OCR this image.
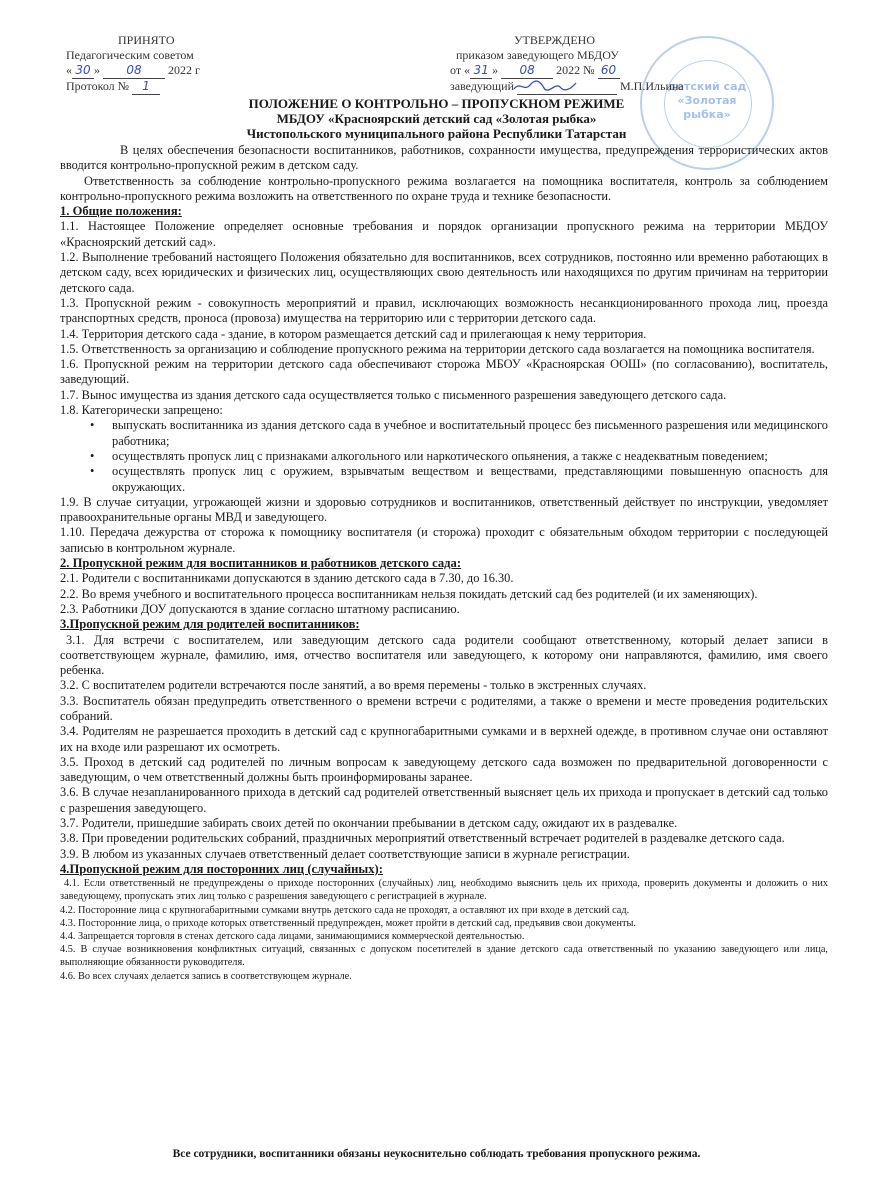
ПРИНЯТО
Педагогическим советом
« 30 » 08 2022 г
Протокол № 1	детский сад «Золотая рыбка»
УТВЕРЖДЕНО
приказом заведующего МБДОУ
от « 31 » 08 2022 № 60
заведующий	М.П.Ильина
ПОЛОЖЕНИЕ О КОНТРОЛЬНО – ПРОПУСКНОМ РЕЖИМЕ
МБДОУ «Красноярский детский сад «Золотая рыбка»
Чистопольского муниципального района Республики Татарстан

В целях обеспечения безопасности воспитанников, работников, сохранности имущества, предупреждения террористических актов вводится контрольно-пропускной режим в детском саду.

Ответственность за соблюдение контрольно-пропускного режима возлагается на помощника воспитателя, контроль за соблюдением контрольно-пропускного режима возложить на ответственного по охране труда и технике безопасности.

1. Общие положения:

1.1. Настоящее Положение определяет основные требования и порядок организации пропускного режима на территории МБДОУ «Красноярский детский сад».

1.2. Выполнение требований настоящего Положения обязательно для воспитанников, всех сотрудников, постоянно или временно работающих в детском саду, всех юридических и физических лиц, осуществляющих свою деятельность или находящихся по другим причинам на территории детского сада.

1.3. Пропускной режим - совокупность мероприятий и правил, исключающих возможность несанкционированного прохода лиц, проезда транспортных средств, проноса (провоза) имущества на территорию или с территории детского сада.

1.4. Территория детского сада - здание, в котором размещается детский сад и прилегающая к нему территория.

1.5. Ответственность за организацию и соблюдение пропускного режима на территории детского сада возлагается на помощника воспитателя.

1.6. Пропускной режим на территории детского сада обеспечивают сторожа МБОУ «Красноярская ООШ» (по согласованию), воспитатель, заведующий.

1.7. Вынос имущества из здания детского сада осуществляется только с письменного разрешения заведующего детского сада.

1.8. Категорически запрещено:

• выпускать воспитанника из здания детского сада в учебное и воспитательный процесс без письменного разрешения или медицинского работника;
• осуществлять пропуск лиц с признаками алкогольного или наркотического опьянения, а также с неадекватным поведением;
• осуществлять пропуск лиц с оружием, взрывчатым веществом и веществами, представляющими повышенную опасность для окружающих.

1.9. В случае ситуации, угрожающей жизни и здоровью сотрудников и воспитанников, ответственный действует по инструкции, уведомляет правоохранительные органы МВД и заведующего.

1.10. Передача дежурства от сторожа к помощнику воспитателя (и сторожа) проходит с обязательным обходом территории с последующей записью в контрольном журнале.

2. Пропускной режим для воспитанников и работников детского сада:

2.1. Родители с воспитанниками допускаются в зданию детского сада в 7.30, до 16.30.

2.2. Во время учебного и воспитательного процесса воспитанникам нельзя покидать детский сад без родителей (и их заменяющих).

2.3. Работники ДОУ допускаются в здание согласно штатному расписанию.

3.Пропускной режим для родителей воспитанников:

3.1. Для встречи с воспитателем, или заведующим детского сада родители сообщают ответственному, который делает записи в соответствующем журнале, фамилию, имя, отчество воспитателя или заведующего, к которому они направляются, фамилию, имя своего ребенка.

3.2. С воспитателем родители встречаются после занятий, а во время перемены - только в экстренных случаях.

3.3. Воспитатель обязан предупредить ответственного о времени встречи с родителями, а также о времени и месте проведения родительских собраний.

3.4. Родителям не разрешается проходить в детский сад с крупногабаритными сумками и в верхней одежде, в противном случае они оставляют их на входе или разрешают их осмотреть.

3.5. Проход в детский сад родителей по личным вопросам к заведующему детского сада возможен по предварительной договоренности с заведующим, о чем ответственный должны быть проинформированы заранее.

3.6. В случае незапланированного прихода в детский сад родителей ответственный выясняет цель их прихода и пропускает в детский сад только с разрешения заведующего.

3.7. Родители, пришедшие забирать своих детей по окончании пребывании в детском саду, ожидают их в раздевалке.

3.8. При проведении родительских собраний, праздничных мероприятий ответственный встречает родителей в раздевалке детского сада.

3.9. В любом из указанных случаев ответственный делает соответствующие записи в журнале регистрации.

4.Пропускной режим для посторонних лиц (случайных):

4.1. Если ответственный не предупреждены о приходе посторонних (случайных) лиц, необходимо выяснить цель их прихода, проверить документы и доложить о них заведующему, пропускать этих лиц только с разрешения заведующего с регистрацией в журнале.

4.2. Посторонние лица с крупногабаритными сумками внутрь детского сада не проходят, а оставляют их при входе в детский сад.

4.3. Посторонние лица, о приходе которых ответственный предупрежден, может пройти в детский сад, предъявив свои документы.

4.4. Запрещается торговля в стенах детского сада лицами, занимающимися коммерческой деятельностью.

4.5. В случае возникновения конфликтных ситуаций, связанных с допуском посетителей в здание детского сада ответственный по указанию заведующего или лица, выполняющие обязанности руководителя.

4.6. Во всех случаях делается запись в соответствующем журнале.

Все сотрудники, воспитанники обязаны неукоснительно соблюдать требования пропускного режима.
